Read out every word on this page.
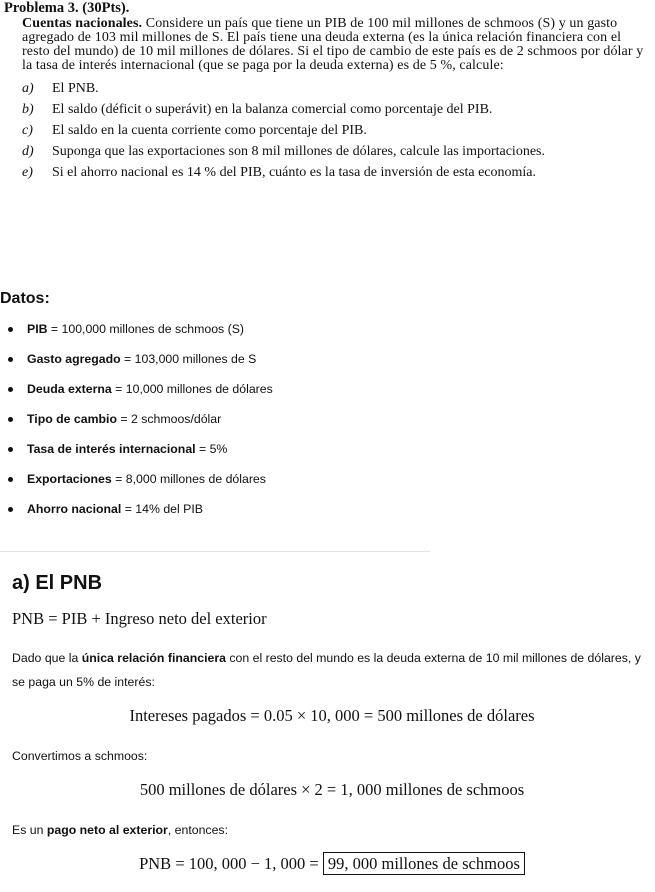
Problema 3. (30Pts).
Cuentas nacionales. Considere un país que tiene un PIB de 100 mil millones de schmoos (S) y un gasto agregado de 103 mil millones de S. El país tiene una deuda externa (es la única relación financiera con el resto del mundo) de 10 mil millones de dólares. Si el tipo de cambio de este país es de 2 schmoos por dólar y la tasa de interés internacional (que se paga por la deuda externa) es de 5 %, calcule:
a)	El PNB.
b)	El saldo (déficit o superávit) en la balanza comercial como porcentaje del PIB.
c)	El saldo en la cuenta corriente como porcentaje del PIB.
d)	Suponga que las exportaciones son 8 mil millones de dólares, calcule las importaciones.
e)	Si el ahorro nacional es 14 % del PIB, cuánto es la tasa de inversión de esta economía.
Datos:
PIB = 100,000 millones de schmoos (S)
Gasto agregado = 103,000 millones de S
Deuda externa = 10,000 millones de dólares
Tipo de cambio = 2 schmoos/dólar
Tasa de interés internacional = 5%
Exportaciones = 8,000 millones de dólares
Ahorro nacional = 14% del PIB
a) El PNB
PNB = PIB + Ingreso neto del exterior

Dado que la única relación financiera con el resto del mundo es la deuda externa de 10 mil millones de dólares, y se paga un 5% de interés:

Intereses pagados = 0.05 × 10, 000 = 500 millones de dólares

Convertimos a schmoos:

500 millones de dólares × 2 = 1, 000 millones de schmoos

Es un pago neto al exterior, entonces:

PNB = 100, 000 − 1, 000 = 99, 000 millones de schmoos
